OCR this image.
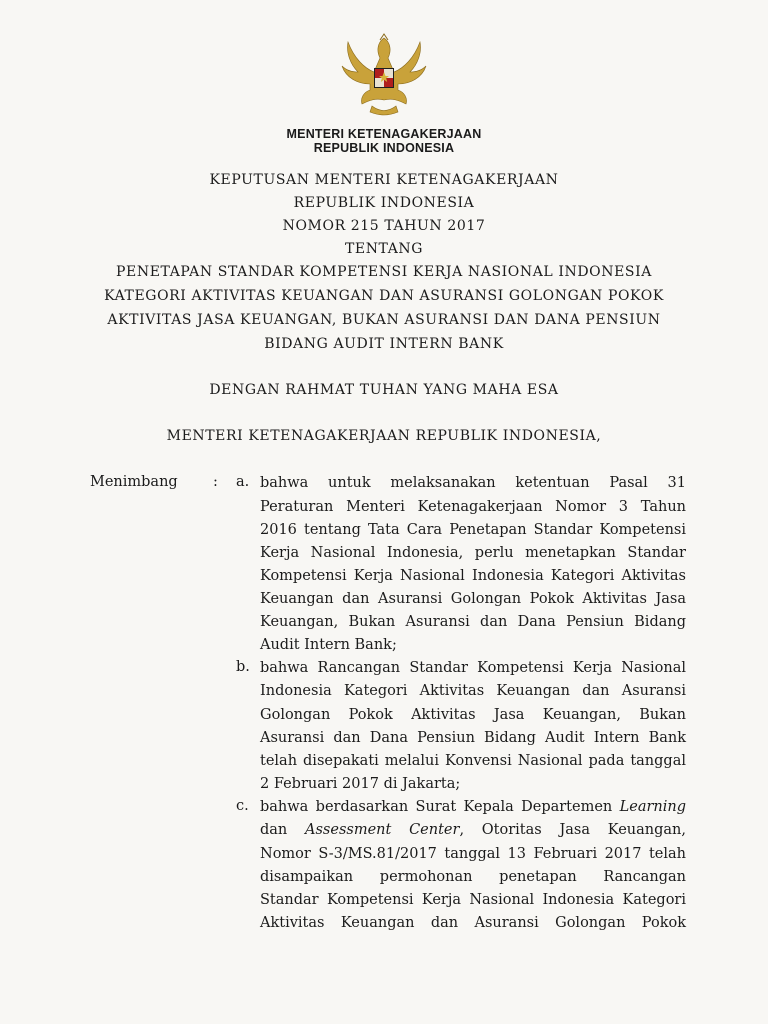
MENTERI KETENAGAKERJAAN
REPUBLIK INDONESIA
KEPUTUSAN MENTERI KETENAGAKERJAAN
REPUBLIK INDONESIA
NOMOR 215 TAHUN 2017
TENTANG
PENETAPAN STANDAR KOMPETENSI KERJA NASIONAL INDONESIA
KATEGORI AKTIVITAS KEUANGAN DAN ASURANSI GOLONGAN POKOK
AKTIVITAS JASA KEUANGAN, BUKAN ASURANSI DAN DANA PENSIUN
BIDANG AUDIT INTERN BANK
DENGAN RAHMAT TUHAN YANG MAHA ESA
MENTERI KETENAGAKERJAAN REPUBLIK INDONESIA,
Menimbang : a. bahwa untuk melaksanakan ketentuan Pasal 31
Peraturan Menteri Ketenagakerjaan Nomor 3 Tahun
2016 tentang Tata Cara Penetapan Standar Kompetensi
Kerja Nasional Indonesia, perlu menetapkan Standar
Kompetensi Kerja Nasional Indonesia Kategori Aktivitas
Keuangan dan Asuransi Golongan Pokok Aktivitas Jasa
Keuangan, Bukan Asuransi dan Dana Pensiun Bidang
Audit Intern Bank;
b. bahwa Rancangan Standar Kompetensi Kerja Nasional
Indonesia Kategori Aktivitas Keuangan dan Asuransi
Golongan Pokok Aktivitas Jasa Keuangan, Bukan
Asuransi dan Dana Pensiun Bidang Audit Intern Bank
telah disepakati melalui Konvensi Nasional pada tanggal
2 Februari 2017 di Jakarta;
c. bahwa berdasarkan Surat Kepala Departemen Learning
dan Assessment Center, Otoritas Jasa Keuangan,
Nomor S-3/MS.81/2017 tanggal 13 Februari 2017 telah
disampaikan permohonan penetapan Rancangan
Standar Kompetensi Kerja Nasional Indonesia Kategori
Aktivitas Keuangan dan Asuransi Golongan Pokok
